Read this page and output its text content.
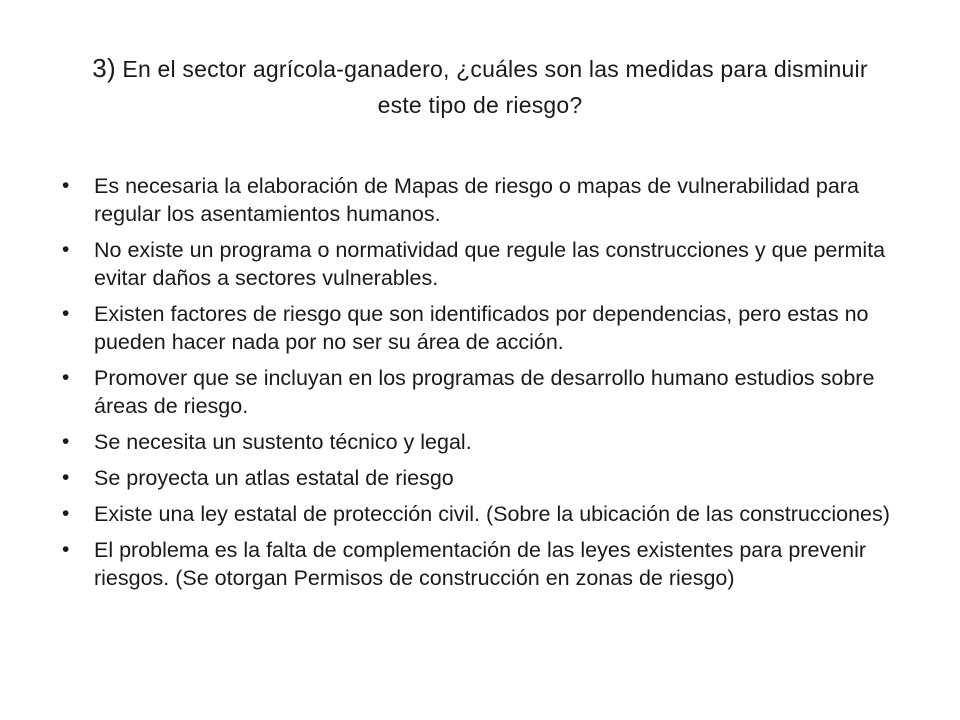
3) En el sector agrícola-ganadero, ¿cuáles son las medidas para disminuir este tipo de riesgo?
• Es necesaria la elaboración de Mapas de riesgo o mapas de vulnerabilidad para regular los asentamientos humanos.
• No existe un programa o normatividad que regule las construcciones y que permita evitar daños a sectores vulnerables.
• Existen factores de riesgo que son identificados por dependencias, pero estas no pueden hacer nada por no ser su área de acción.
• Promover que se incluyan en los programas de desarrollo humano estudios sobre áreas de riesgo.
• Se necesita un sustento técnico y legal.
• Se proyecta un atlas estatal de riesgo
• Existe una ley estatal de protección civil. (Sobre la ubicación de las construcciones)
• El problema es la falta de complementación de las leyes existentes para prevenir riesgos. (Se otorgan Permisos de construcción en zonas de riesgo)
